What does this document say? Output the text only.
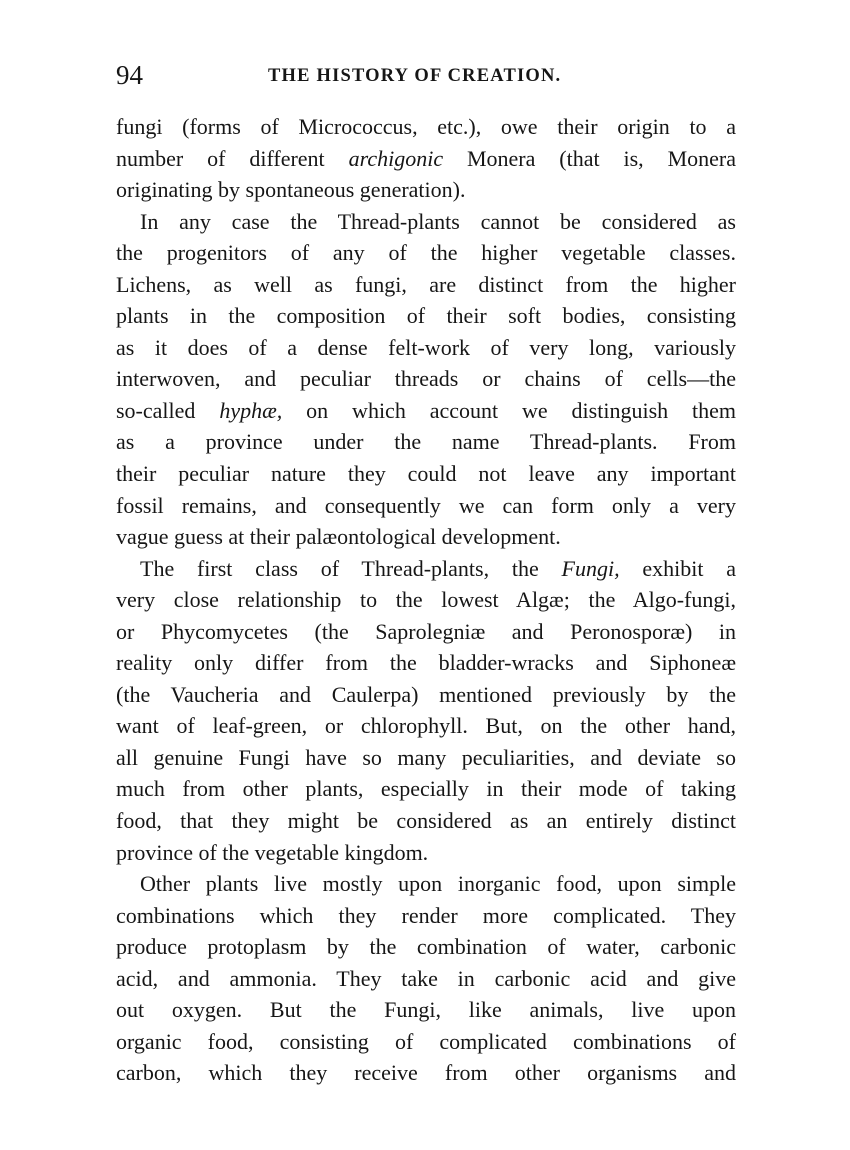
94	THE HISTORY OF CREATION.
fungi (forms of Micrococcus, etc.), owe their origin to a
number of different archigonic Monera (that is, Monera
originating by spontaneous generation).
In any case the Thread-plants cannot be considered as
the progenitors of any of the higher vegetable classes.
Lichens, as well as fungi, are distinct from the higher
plants in the composition of their soft bodies, consisting
as it does of a dense felt-work of very long, variously
interwoven, and peculiar threads or chains of cells—the
so-called hyphæ, on which account we distinguish them
as a province under the name Thread-plants. From
their peculiar nature they could not leave any important
fossil remains, and consequently we can form only a very
vague guess at their palæontological development.
The first class of Thread-plants, the Fungi, exhibit a
very close relationship to the lowest Algæ; the Algo-fungi,
or Phycomycetes (the Saprolegniæ and Peronosporæ) in
reality only differ from the bladder-wracks and Siphoneæ
(the Vaucheria and Caulerpa) mentioned previously by the
want of leaf-green, or chlorophyll. But, on the other hand,
all genuine Fungi have so many peculiarities, and deviate so
much from other plants, especially in their mode of taking
food, that they might be considered as an entirely distinct
province of the vegetable kingdom.
Other plants live mostly upon inorganic food, upon simple
combinations which they render more complicated. They
produce protoplasm by the combination of water, carbonic
acid, and ammonia. They take in carbonic acid and give
out oxygen. But the Fungi, like animals, live upon
organic food, consisting of complicated combinations of
carbon, which they receive from other organisms and
